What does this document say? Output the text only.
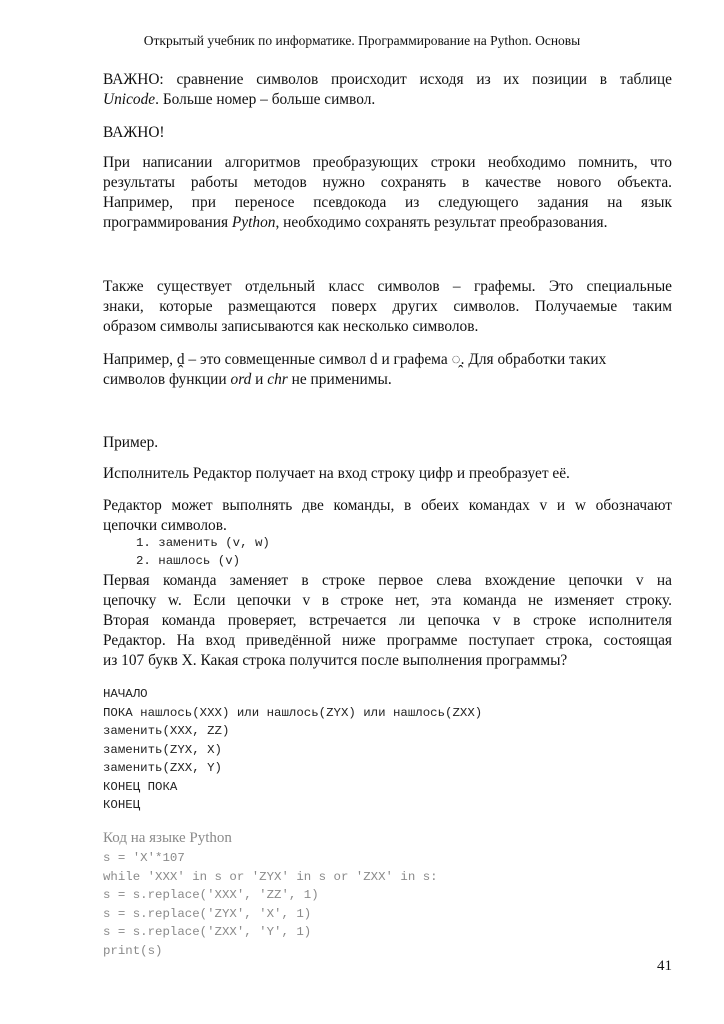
Открытый учебник по информатике. Программирование на Python. Основы
ВАЖНО: сравнение символов происходит исходя из их позиции в таблице
Unicode. Больше номер – больше символ.
ВАЖНО!
При написании алгоритмов преобразующих строки необходимо помнить, что
результаты работы методов нужно сохранять в качестве нового объекта.
Например, при переносе псевдокода из следующего задания на язык
программирования Python, необходимо сохранять результат преобразования.
Также существует отдельный класс символов – графемы. Это специальные
знаки, которые размещаются поверх других символов. Получаемые таким
образом символы записываются как несколько символов.
Например, ḓ – это совмещенные символ d и графема ◌̭. Для обработки таких
символов функции ord и chr не применимы.
Пример.
Исполнитель Редактор получает на вход строку цифр и преобразует её.
Редактор может выполнять две команды, в обеих командах v и w обозначают
цепочки символов.
1. заменить (v, w)
2. нашлось (v)
Первая команда заменяет в строке первое слева вхождение цепочки v на
цепочку w. Если цепочки v в строке нет, эта команда не изменяет строку.
Вторая команда проверяет, встречается ли цепочка v в строке исполнителя
Редактор. На вход приведённой ниже программе поступает строка, состоящая
из 107 букв X. Какая строка получится после выполнения программы?
НАЧАЛО
ПОКА нашлось(XXX) или нашлось(ZYX) или нашлось(ZXX)
заменить(XXX, ZZ)
заменить(ZYX, X)
заменить(ZXX, Y)
КОНЕЦ ПОКА
КОНЕЦ
Код на языке Python
s = 'X'*107
while 'XXX' in s or 'ZYX' in s or 'ZXX' in s:
s = s.replace('XXX', 'ZZ', 1)
s = s.replace('ZYX', 'X', 1)
s = s.replace('ZXX', 'Y', 1)
print(s)
41
